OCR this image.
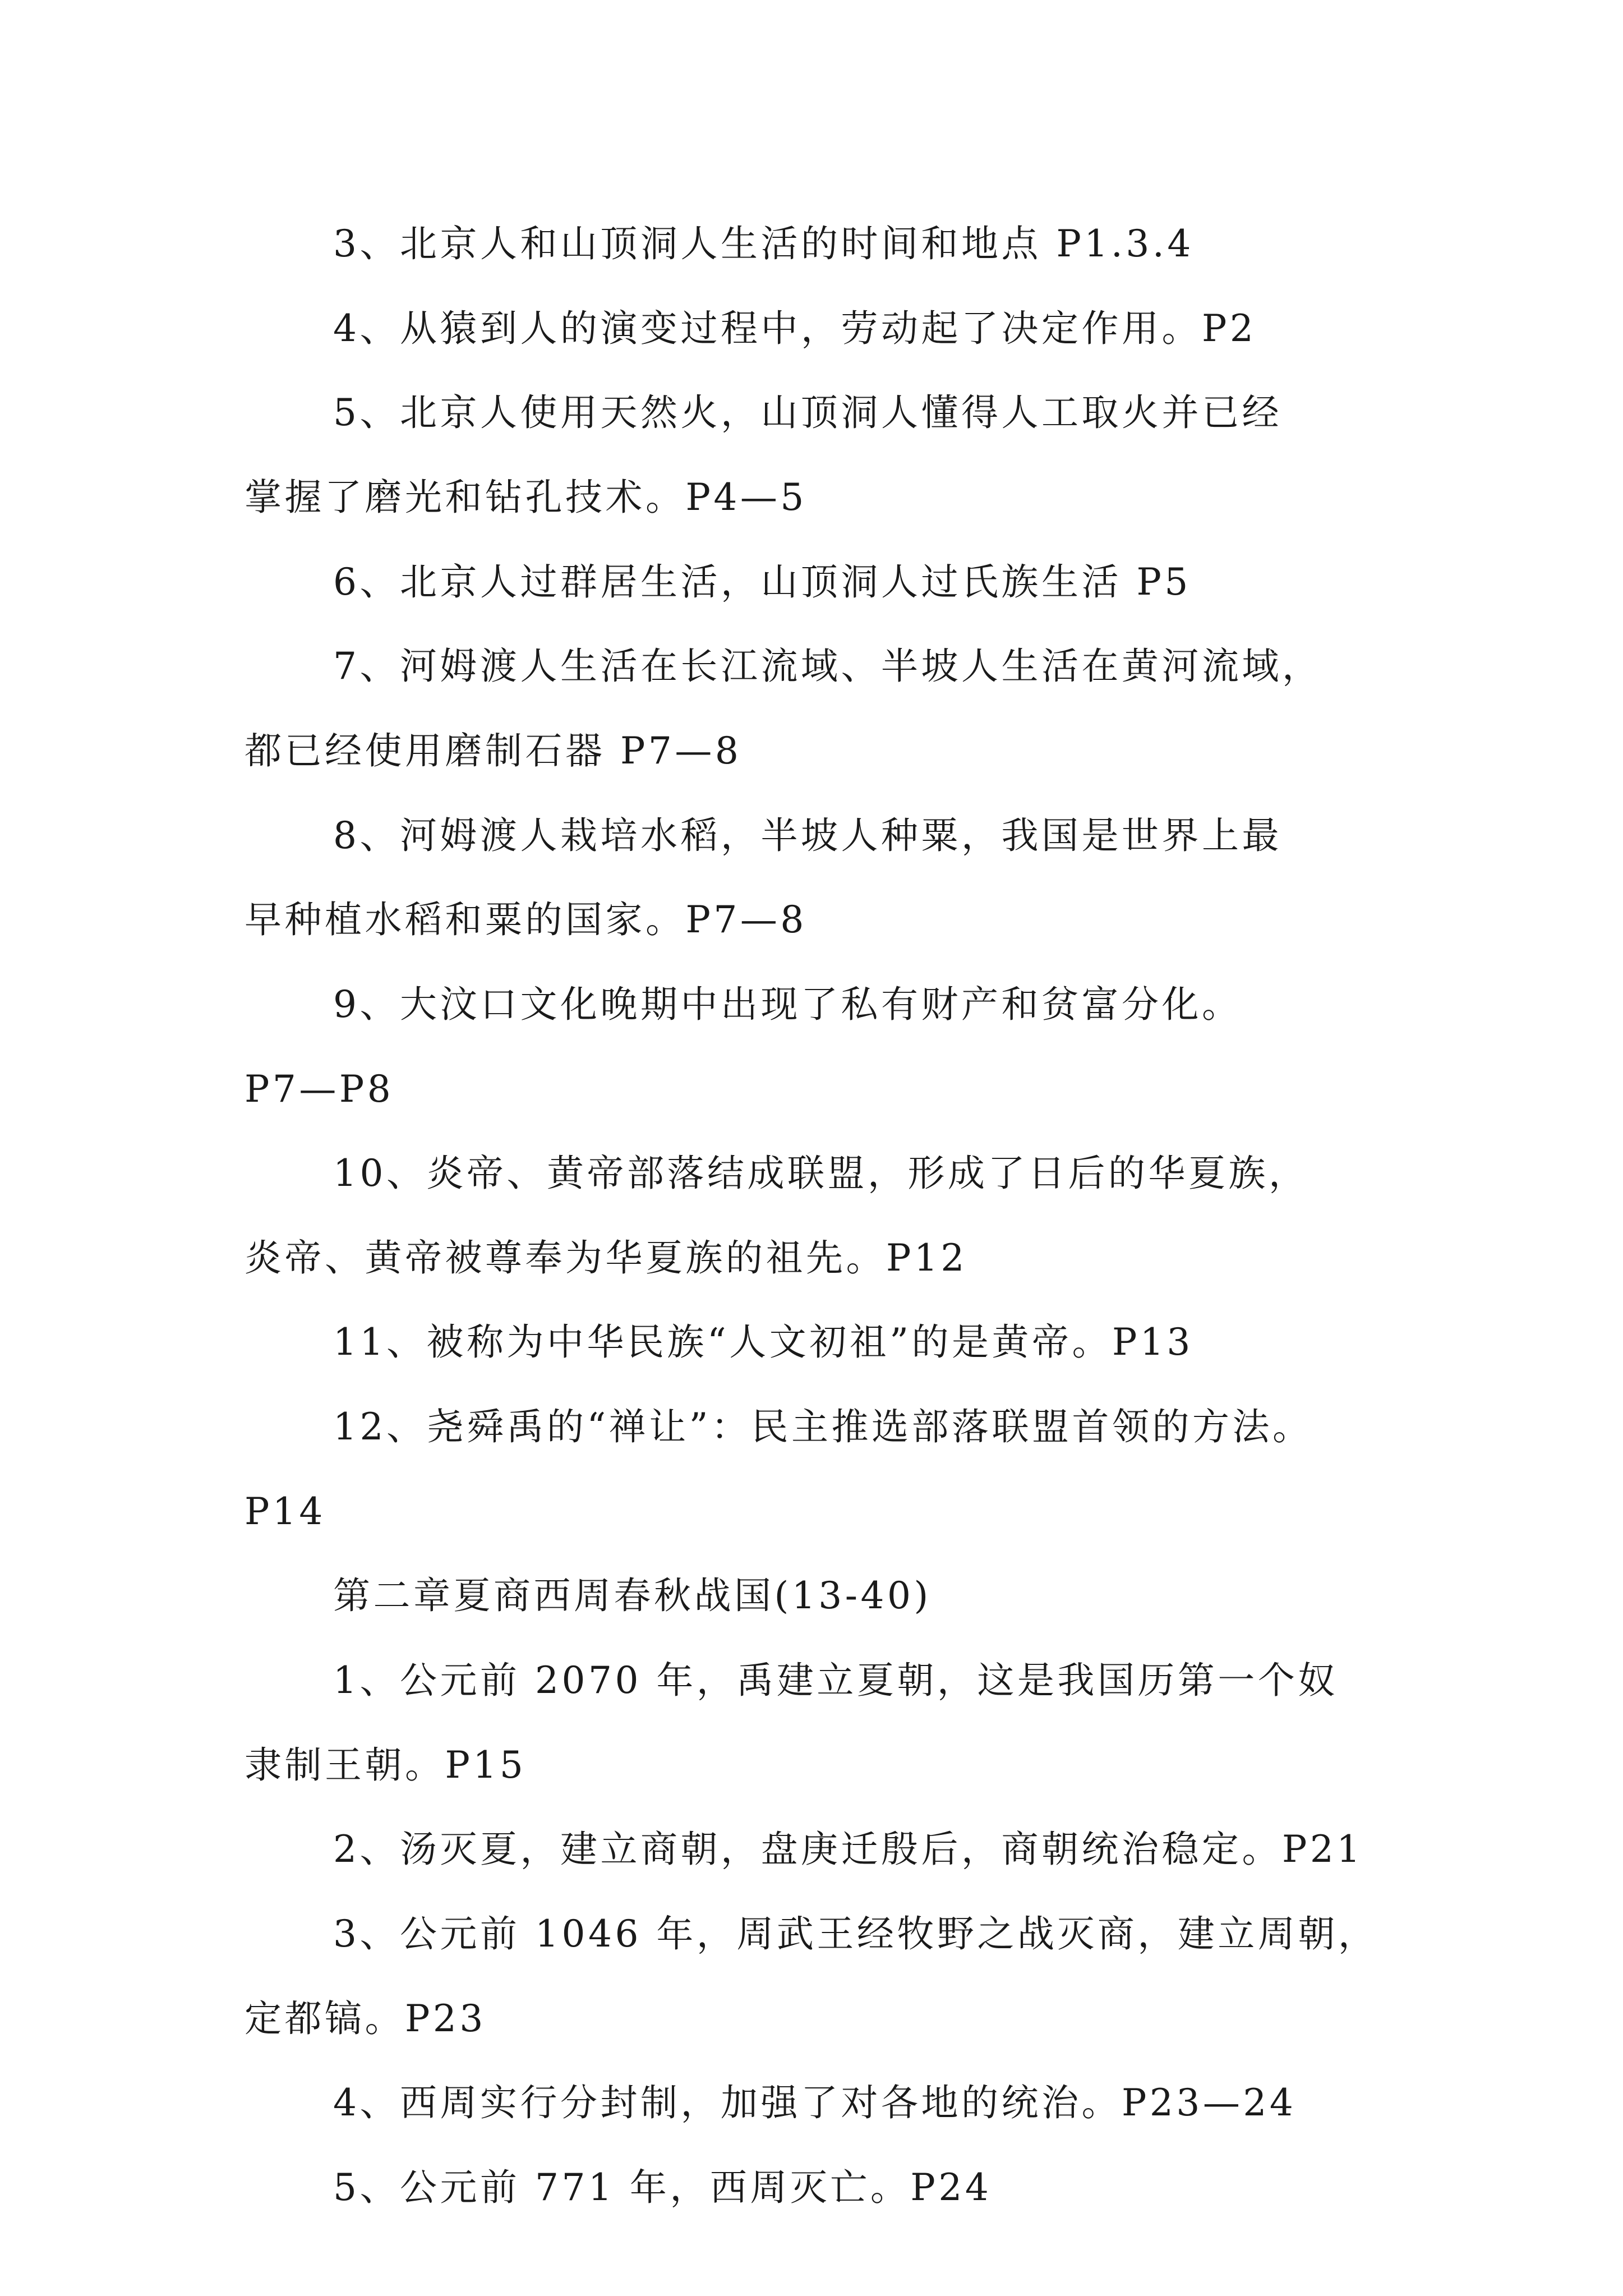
3、北京人和山顶洞人生活的时间和地点 P1.3.4
4、从猿到人的演变过程中，劳动起了决定作用。P2
5、北京人使用天然火，山顶洞人懂得人工取火并已经
掌握了磨光和钻孔技术。P4—5
6、北京人过群居生活，山顶洞人过氏族生活 P5
7、河姆渡人生活在长江流域、半坡人生活在黄河流域，
都已经使用磨制石器 P7—8
8、河姆渡人栽培水稻，半坡人种粟，我国是世界上最
早种植水稻和粟的国家。P7—8
9、大汶口文化晚期中出现了私有财产和贫富分化。
P7—P8
10、炎帝、黄帝部落结成联盟，形成了日后的华夏族，
炎帝、黄帝被尊奉为华夏族的祖先。P12
11、被称为中华民族“人文初祖”的是黄帝。P13
12、尧舜禹的“禅让”：民主推选部落联盟首领的方法。
P14
第二章夏商西周春秋战国(13-40)
1、公元前 2070 年，禹建立夏朝，这是我国历第一个奴
隶制王朝。P15
2、汤灭夏，建立商朝，盘庚迁殷后，商朝统治稳定。P21
3、公元前 1046 年，周武王经牧野之战灭商，建立周朝，
定都镐。P23
4、西周实行分封制，加强了对各地的统治。P23—24
5、公元前 771 年，西周灭亡。P24
